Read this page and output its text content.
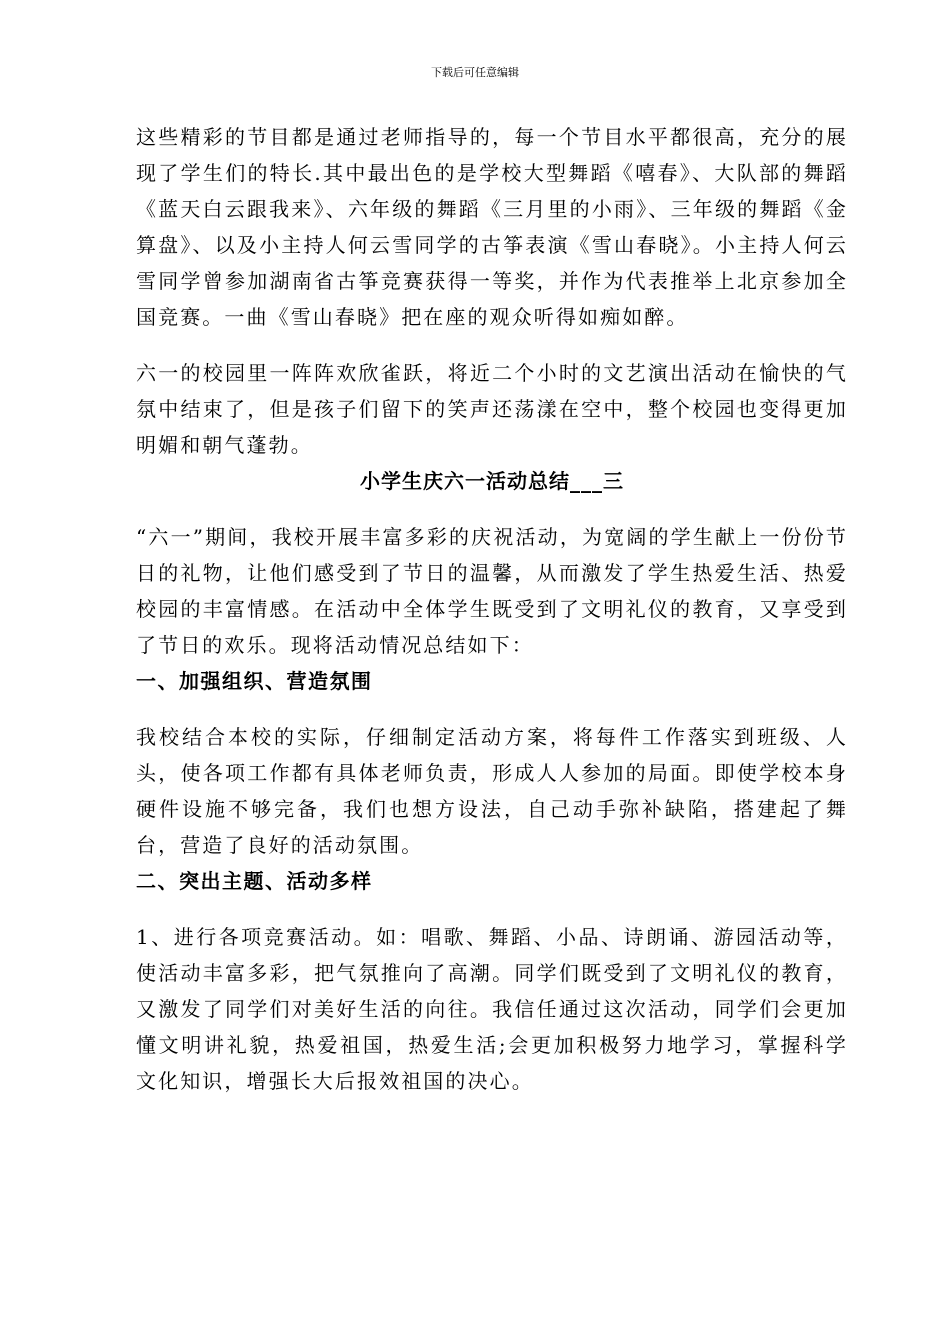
下载后可任意编辑

这些精彩的节目都是通过老师指导的，每一个节目水平都很高，充分的展现了学生们的特长.其中最出色的是学校大型舞蹈《嘻春》、大队部的舞蹈《蓝天白云跟我来》、六年级的舞蹈《三月里的小雨》、三年级的舞蹈《金算盘》、以及小主持人何云雪同学的古筝表演《雪山春晓》。小主持人何云雪同学曾参加湖南省古筝竞赛获得一等奖，并作为代表推举上北京参加全国竞赛。一曲《雪山春晓》把在座的观众听得如痴如醉。

六一的校园里一阵阵欢欣雀跃，将近二个小时的文艺演出活动在愉快的气氛中结束了，但是孩子们留下的笑声还荡漾在空中，整个校园也变得更加明媚和朝气蓬勃。

小学生庆六一活动总结___三

“六一”期间，我校开展丰富多彩的庆祝活动，为宽阔的学生献上一份份节日的礼物，让他们感受到了节日的温馨，从而激发了学生热爱生活、热爱校园的丰富情感。在活动中全体学生既受到了文明礼仪的教育，又享受到了节日的欢乐。现将活动情况总结如下：

一、加强组织、营造氛围

我校结合本校的实际，仔细制定活动方案，将每件工作落实到班级、人头，使各项工作都有具体老师负责，形成人人参加的局面。即使学校本身硬件设施不够完备，我们也想方设法，自己动手弥补缺陷，搭建起了舞台，营造了良好的活动氛围。

二、突出主题、活动多样

1、进行各项竞赛活动。如：唱歌、舞蹈、小品、诗朗诵、游园活动等，使活动丰富多彩，把气氛推向了高潮。同学们既受到了文明礼仪的教育，又激发了同学们对美好生活的向往。我信任通过这次活动，同学们会更加懂文明讲礼貌，热爱祖国，热爱生活;会更加积极努力地学习，掌握科学文化知识，增强长大后报效祖国的决心。
